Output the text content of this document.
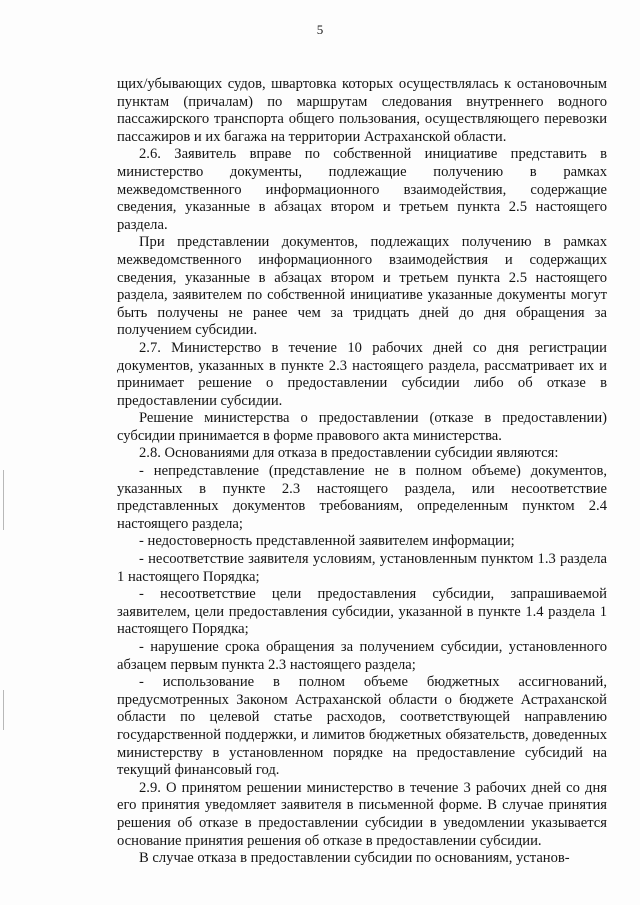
5

щих/убывающих судов, швартовка которых осуществлялась к остановочным пунктам (причалам) по маршрутам следования внутреннего водного пассажирского транспорта общего пользования, осуществляющего перевозки пассажиров и их багажа на территории Астраханской области.

2.6. Заявитель вправе по собственной инициативе представить в министерство документы, подлежащие получению в рамках межведомственного информационного взаимодействия, содержащие сведения, указанные в абзацах втором и третьем пункта 2.5 настоящего раздела.

При представлении документов, подлежащих получению в рамках межведомственного информационного взаимодействия и содержащих сведения, указанные в абзацах втором и третьем пункта 2.5 настоящего раздела, заявителем по собственной инициативе указанные документы могут быть получены не ранее чем за тридцать дней до дня обращения за получением субсидии.

2.7. Министерство в течение 10 рабочих дней со дня регистрации документов, указанных в пункте 2.3 настоящего раздела, рассматривает их и принимает решение о предоставлении субсидии либо об отказе в предоставлении субсидии.

Решение министерства о предоставлении (отказе в предоставлении) субсидии принимается в форме правового акта министерства.

2.8. Основаниями для отказа в предоставлении субсидии являются:

- непредставление (представление не в полном объеме) документов, указанных в пункте 2.3 настоящего раздела, или несоответствие представленных документов требованиям, определенным пунктом 2.4 настоящего раздела;

- недостоверность представленной заявителем информации;

- несоответствие заявителя условиям, установленным пунктом 1.3 раздела 1 настоящего Порядка;

- несоответствие цели предоставления субсидии, запрашиваемой заявителем, цели предоставления субсидии, указанной в пункте 1.4 раздела 1 настоящего Порядка;

- нарушение срока обращения за получением субсидии, установленного абзацем первым пункта 2.3 настоящего раздела;

- использование в полном объеме бюджетных ассигнований, предусмотренных Законом Астраханской области о бюджете Астраханской области по целевой статье расходов, соответствующей направлению государственной поддержки, и лимитов бюджетных обязательств, доведенных министерству в установленном порядке на предоставление субсидий на текущий финансовый год.

2.9. О принятом решении министерство в течение 3 рабочих дней со дня его принятия уведомляет заявителя в письменной форме. В случае принятия решения об отказе в предоставлении субсидии в уведомлении указывается основание принятия решения об отказе в предоставлении субсидии.

В случае отказа в предоставлении субсидии по основаниям, установ-
